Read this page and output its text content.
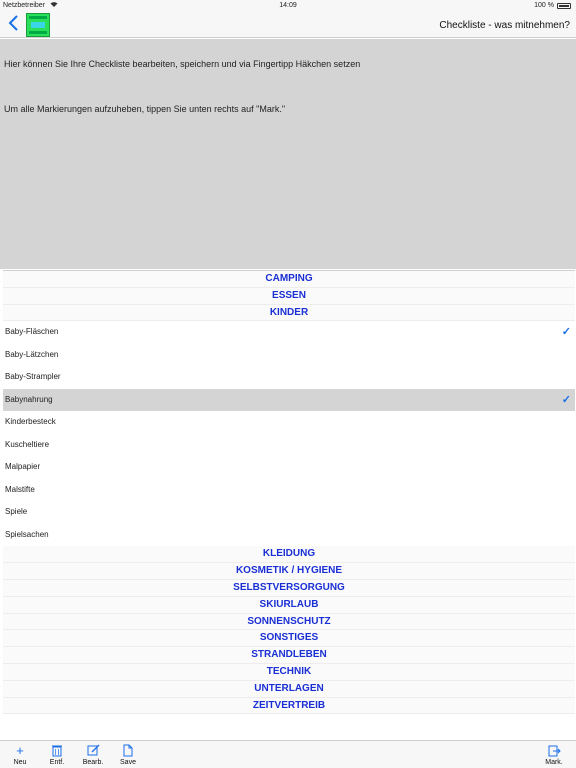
Netzbetreiber	14:09	100 %
Checkliste - was mitnehmen?
Hier können Sie Ihre Checkliste bearbeiten, speichern und via Fingertipp Häkchen setzen
Um alle Markierungen aufzuheben, tippen Sie unten rechts auf "Mark."
CAMPING
ESSEN
KINDER
Baby-Fläschen	✓
Baby-Lätzchen
Baby-Strampler
Babynahrung	✓
Kinderbesteck
Kuscheltiere
Malpapier
Malstifte
Spiele
Spielsachen
KLEIDUNG
KOSMETIK / HYGIENE
SELBSTVERSORGUNG
SKIURLAUB
SONNENSCHUTZ
SONSTIGES
STRANDLEBEN
TECHNIK
UNTERLAGEN
ZEITVERTREIB
+
Neu	Entf.	Bearb.	Save	Mark.
